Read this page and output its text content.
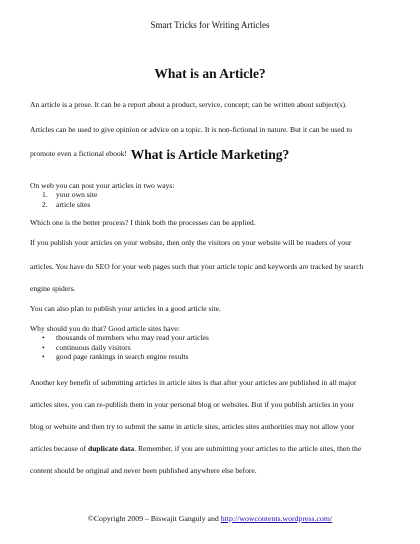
Smart Tricks for Writing Articles
What is an Article?

An article is a prose. It can be a report about a product, service, concept; can be written about subject(s).

Articles can be used to give opinion or advice on a topic. It is non-fictional in nature. But it can be used to

promote even a fictional ebook! What is Article Marketing?

On web you can post your articles in two ways:

1. your own site
2. article sites

Which one is the better process? I think both the processes can be applied.

If you publish your articles on your website, then only the visitors on your website will be readers of your

articles. You have do SEO for your web pages such that your article topic and keywords are tracked by search

engine spiders.

You can also plan to publish your articles in a good article site.

Why should you do that? Good article sites have:

• thousands of members who may read your articles
• continuous daily visitors
• good page rankings in search engine results

Another key benefit of submitting articles in article sites is that after your articles are published in all major

articles sites, you can re-publish them in your personal blog or websites. But if you publish articles in your

blog or website and then try to submit the same in article sites, articles sites authorities may not allow your

articles because of duplicate data. Remember, if you are submitting your articles to the article sites, then the

content should be original and never been published anywhere else before.

©Copyright 2009 – Biswajit Ganguly and http://wowcontents.wordpress.com/
